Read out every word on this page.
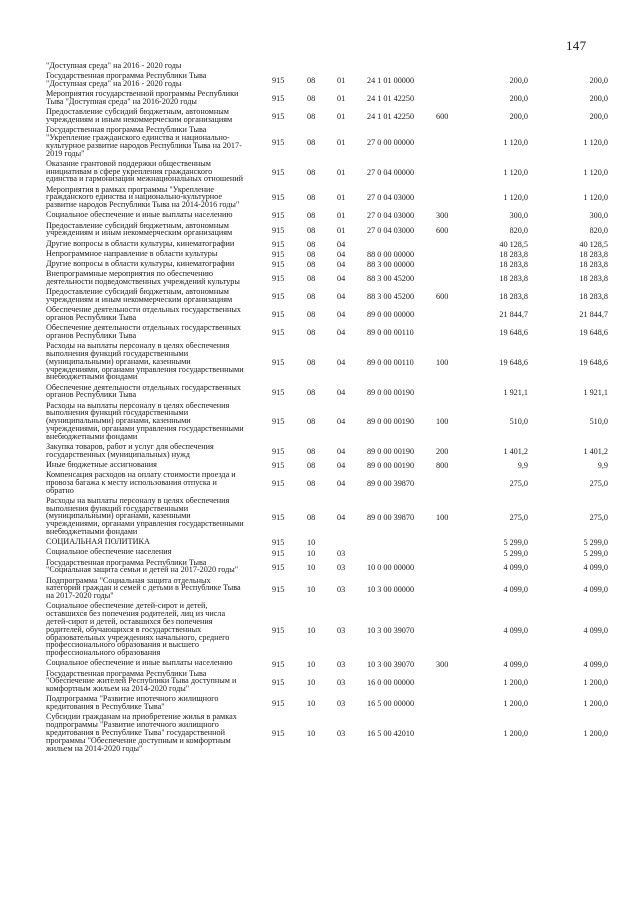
147
"Доступная среда" на 2016 - 2020 годы
Государственная программа Республики Тыва
"Доступная среда" на 2016 - 2020 годы	915	08	01	24 1 01 00000	200,0	200,0
Мероприятия государственной программы Республики
Тыва "Доступная среда" на 2016-2020 годы	915	08	01	24 1 01 42250	200,0	200,0
Предоставление субсидий бюджетным, автономным
учреждениям и иным некоммерческим организациям	915	08	01	24 1 01 42250	600	200,0	200,0
Государственная программа Республики Тыва
"Укрепление гражданского единства и национально-
культурное развитие народов Республики Тыва на 2017-
2019 годы"
915	08	01	27 0 00 00000	1 120,0	1 120,0
Оказание грантовой поддержки общественным
инициативам в сфере укрепления гражданского
единства и гармонизации межнациональных отношений
915	08	01	27 0 04 00000	1 120,0	1 120,0
Мероприятия в рамках программы "Укрепление
гражданского единства и национально-культурное
развитие народов Республики Тыва на 2014-2016 годы"
915	08	01	27 0 04 03000	1 120,0	1 120,0
Социальное обеспечение и иные выплаты населению	915	08	01	27 0 04 03000	300	300,0	300,0
Предоставление субсидий бюджетным, автономным
учреждениям и иным некоммерческим организациям	915	08	01	27 0 04 03000	600	820,0	820,0
Другие вопросы в области культуры, кинематографии	915	08	04	40 128,5	40 128,5
Непрограммное направление в области культуры	915	08	04	88 0 00 00000	18 283,8	18 283,8
Другие вопросы в области культуры, кинематографии	915	08	04	88 3 00 00000	18 283,8	18 283,8
Внепрограммные мероприятия по обеспечению
деятельности подведомственных учреждений культуры	915	08	04	88 3 00 45200	18 283,8	18 283,8
Предоставление субсидий бюджетным, автономным
учреждениям и иным некоммерческим организациям	915	08	04	88 3 00 45200	600	18 283,8	18 283,8
Обеспечение деятельности отдельных государственных
органов Республики Тыва	915	08	04	89 0 00 00000	21 844,7	21 844,7
Обеспечение деятельности отдельных государственных
органов Республики Тыва	915	08	04	89 0 00 00110	19 648,6	19 648,6
Расходы на выплаты персоналу в целях обеспечения
выполнения функций государственными
(муниципальными) органами, казенными
учреждениями, органами управления государственными
внебюджетными фондами
915	08	04	89 0 00 00110	100	19 648,6	19 648,6
Обеспечение деятельности отдельных государственных
органов Республики Тыва	915	08	04	89 0 00 00190	1 921,1	1 921,1
Расходы на выплаты персоналу в целях обеспечения
выполнения функций государственными
(муниципальными) органами, казенными
учреждениями, органами управления государственными
внебюджетными фондами
915	08	04	89 0 00 00190	100	510,0	510,0
Закупка товаров, работ и услуг для обеспечения
государственных (муниципальных) нужд	915	08	04	89 0 00 00190	200	1 401,2	1 401,2
Иные бюджетные ассигнования	915	08	04	89 0 00 00190	800	9,9	9,9
Компенсация расходов на оплату стоимости проезда и
провоза багажа к месту использования отпуска и
обратно
915	08	04	89 0 00 39870	275,0	275,0
Расходы на выплаты персоналу в целях обеспечения
выполнения функций государственными
(муниципальными) органами, казенными
учреждениями, органами управления государственными
внебюджетными фондами
915	08	04	89 0 00 39870	100	275,0	275,0
СОЦИАЛЬНАЯ ПОЛИТИКА	915	10	5 299,0	5 299,0
Социальное обеспечение населения	915	10	03	5 299,0	5 299,0
Государственная программа Республики Тыва
"Социальная защита семьи и детей на 2017-2020 годы"	915	10	03	10 0 00 00000	4 099,0	4 099,0
Подпрограмма "Социальная защита отдельных
категорий граждан и семей с детьми в Республике Тыва
на 2017-2020 годы"
915	10	03	10 3 00 00000	4 099,0	4 099,0
Социальное обеспечение детей-сирот и детей,
оставшихся без попечения родителей, лиц из числа
детей-сирот и детей, оставшихся без попечения
родителей, обучающихся в государственных
образовательных учреждениях начального, среднего
профессионального образования и высшего
профессионального образования
915	10	03	10 3 00 39070	4 099,0	4 099,0
Социальное обеспечение и иные выплаты населению	915	10	03	10 3 00 39070	300	4 099,0	4 099,0
Государственная программа Республики Тыва
"Обеспечение жителей Республики Тыва доступным и
комфортным жильем на 2014-2020 годы"
915	10	03	16 0 00 00000	1 200,0	1 200,0
Подпрограмма "Развитие ипотечного жилищного
кредитования в Республике Тыва"	915	10	03	16 5 00 00000	1 200,0	1 200,0
Субсидии гражданам на приобретение жилья в рамках
подпрограммы "Развитие ипотечного жилищного
кредитования в Республике Тыва" государственной
программы "Обеспечение доступным и комфортным
жильем на 2014-2020 годы"
915	10	03	16 5 00 42010	1 200,0	1 200,0
